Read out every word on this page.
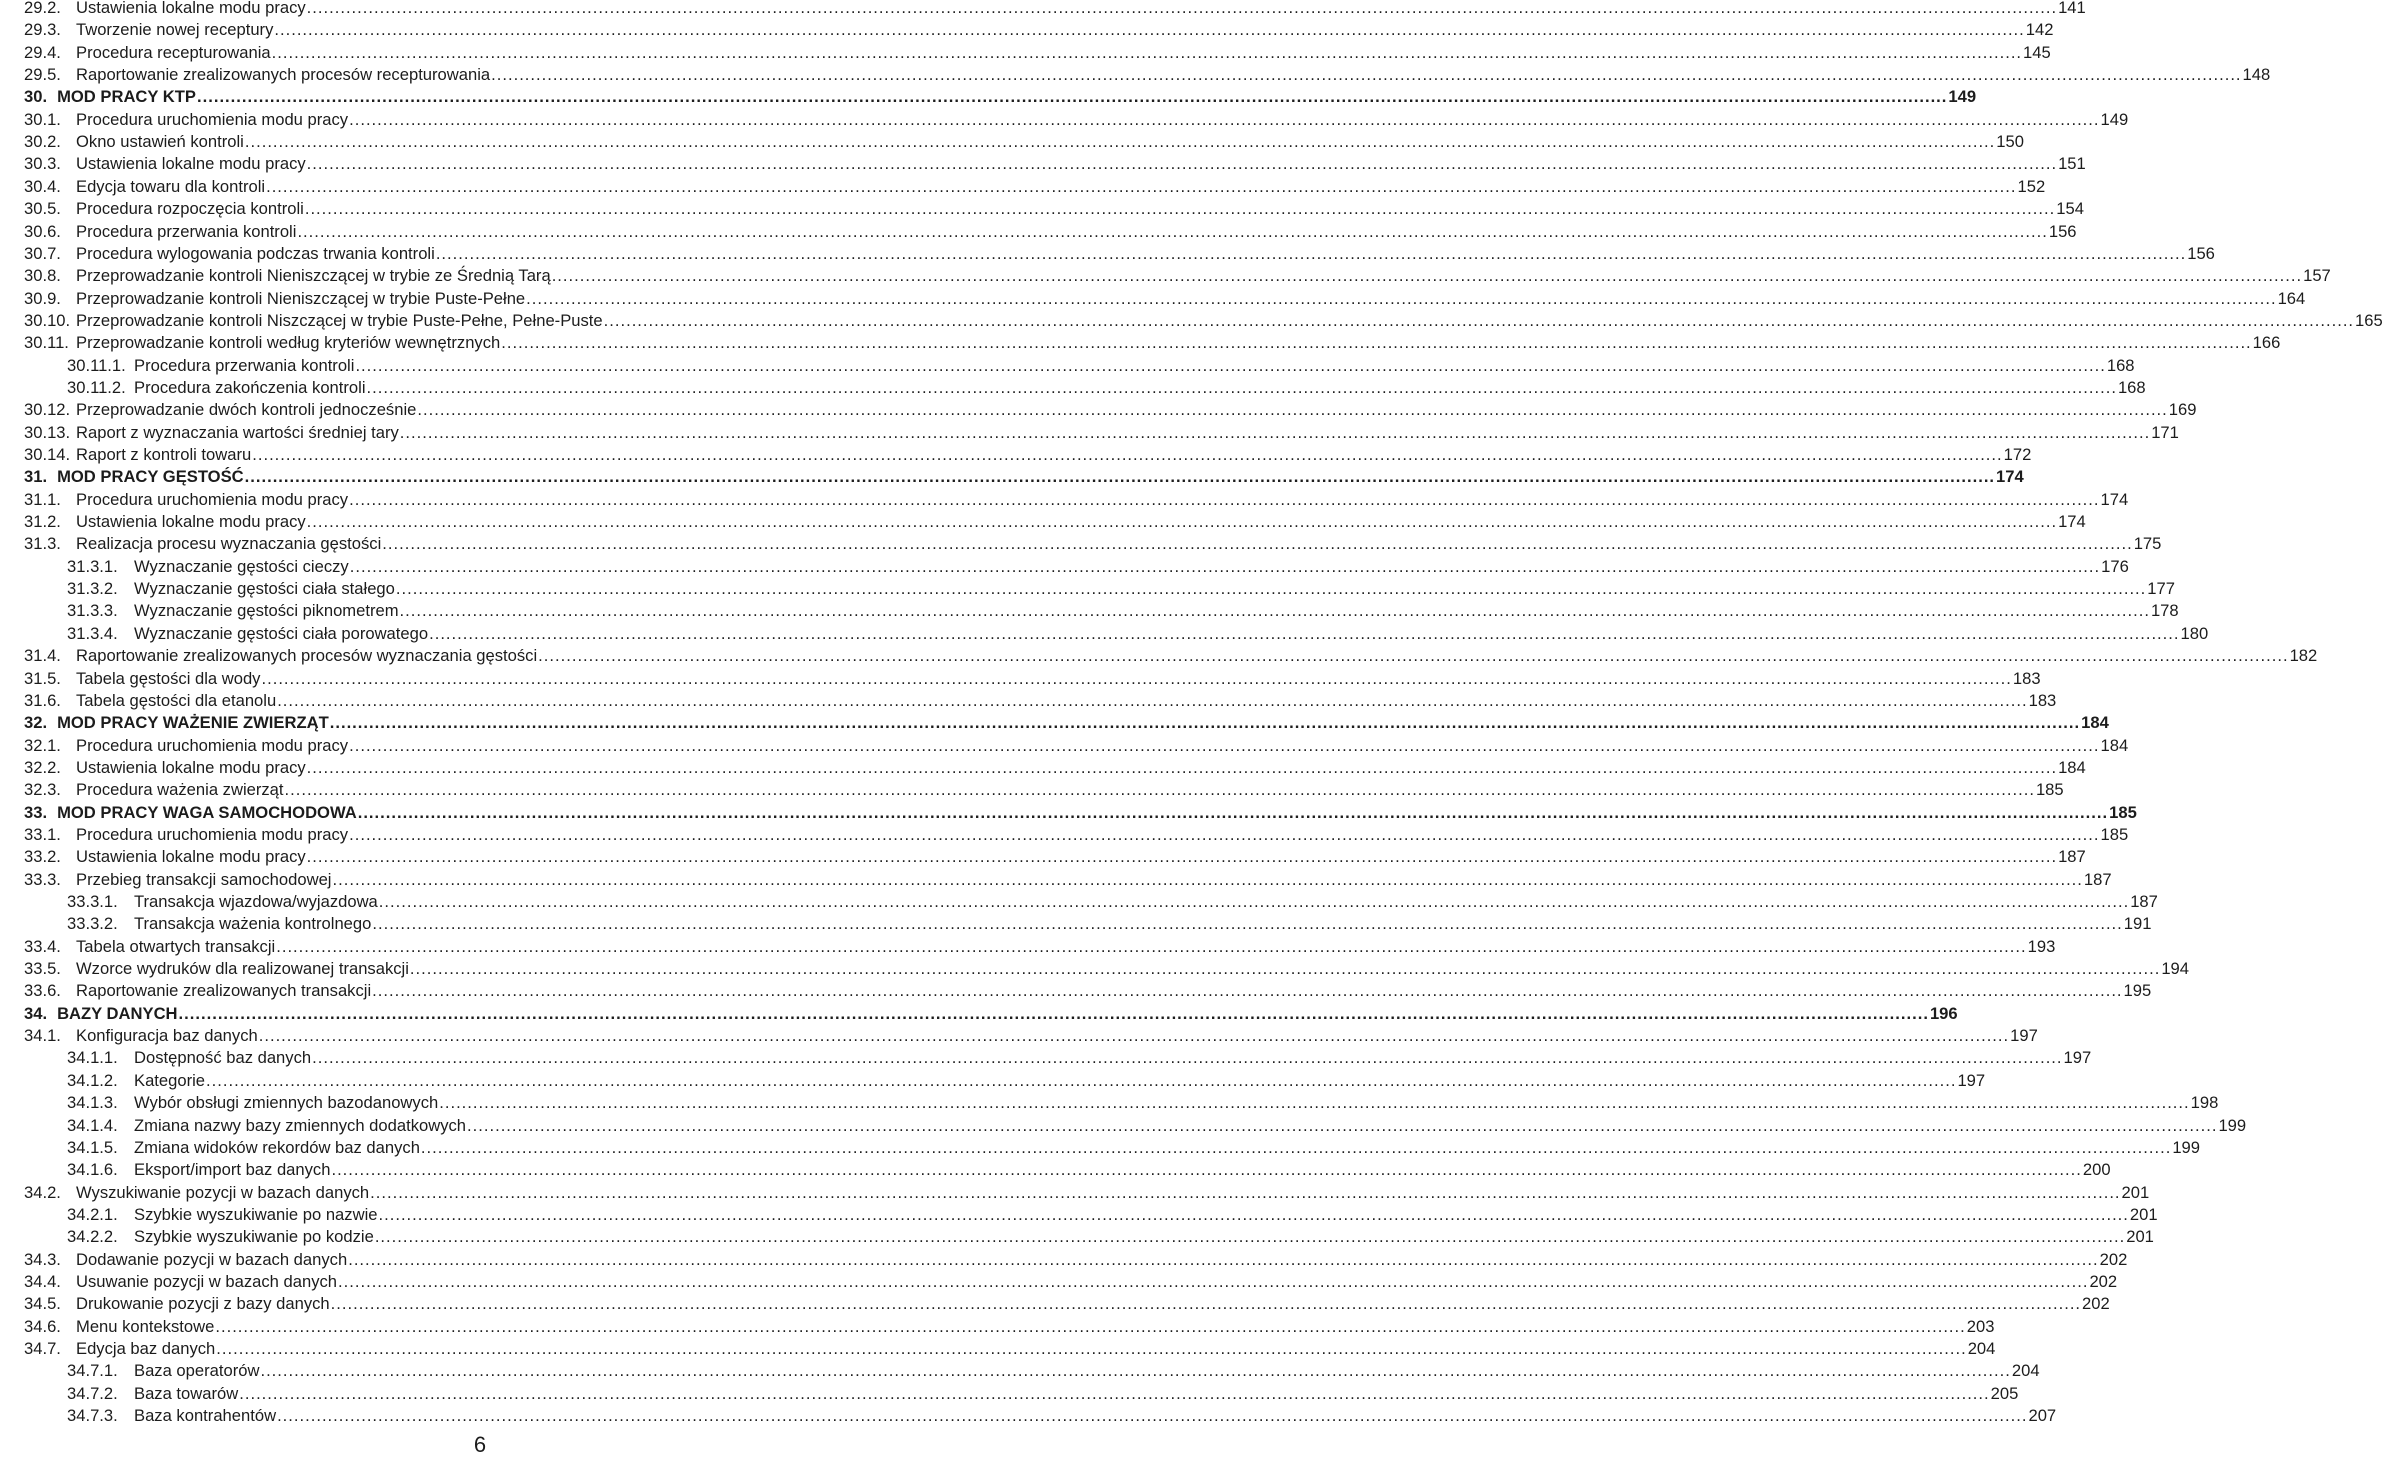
29.2. Ustawienia lokalne modu pracy .....	141
29.3. Tworzenie nowej receptury .....	142
29.4. Procedura recepturowania .....	145
29.5. Raportowanie zrealizowanych procesów recepturowania .....	148
30. MOD PRACY KTP .....	149
30.1. Procedura uruchomienia modu pracy .....	149
30.2. Okno ustawień kontroli .....	150
30.3. Ustawienia lokalne modu pracy .....	151
30.4. Edycja towaru dla kontroli .....	152
30.5. Procedura rozpoczęcia kontroli .....	154
30.6. Procedura przerwania kontroli .....	156
30.7. Procedura wylogowania podczas trwania kontroli .....	156
30.8. Przeprowadzanie kontroli Nieniszczącej w trybie ze Średnią Tarą .....	157
30.9. Przeprowadzanie kontroli Nieniszczącej w trybie Puste-Pełne .....	164
30.10. Przeprowadzanie kontroli Niszczącej w trybie Puste-Pełne, Pełne-Puste .....	165
30.11. Przeprowadzanie kontroli według kryteriów wewnętrznych .....	166
30.11.1. Procedura przerwania kontroli .....	168
30.11.2. Procedura zakończenia kontroli .....	168
30.12. Przeprowadzanie dwóch kontroli jednocześnie .....	169
30.13. Raport z wyznaczania wartości średniej tary .....	171
30.14. Raport z kontroli towaru .....	172
31. MOD PRACY GĘSTOŚĆ .....	174
31.1. Procedura uruchomienia modu pracy .....	174
31.2. Ustawienia lokalne modu pracy .....	174
31.3. Realizacja procesu wyznaczania gęstości .....	175
31.3.1. Wyznaczanie gęstości cieczy .....	176
31.3.2. Wyznaczanie gęstości ciała stałego .....	177
31.3.3. Wyznaczanie gęstości piknometrem .....	178
31.3.4. Wyznaczanie gęstości ciała porowatego .....	180
31.4. Raportowanie zrealizowanych procesów wyznaczania gęstości .....	182
31.5. Tabela gęstości dla wody .....	183
31.6. Tabela gęstości dla etanolu .....	183
32. MOD PRACY WAŻENIE ZWIERZĄT .....	184
32.1. Procedura uruchomienia modu pracy .....	184
32.2. Ustawienia lokalne modu pracy .....	184
32.3. Procedura ważenia zwierząt .....	185
33. MOD PRACY WAGA SAMOCHODOWA .....	185
33.1. Procedura uruchomienia modu pracy .....	185
33.2. Ustawienia lokalne modu pracy .....	187
33.3. Przebieg transakcji samochodowej .....	187
33.3.1. Transakcja wjazdowa/wyjazdowa .....	187
33.3.2. Transakcja ważenia kontrolnego .....	191
33.4. Tabela otwartych transakcji .....	193
33.5. Wzorce wydruków dla realizowanej transakcji .....	194
33.6. Raportowanie zrealizowanych transakcji .....	195
34. BAZY DANYCH .....	196
34.1. Konfiguracja baz danych .....	197
34.1.1. Dostępność baz danych .....	197
34.1.2. Kategorie .....	197
34.1.3. Wybór obsługi zmiennych bazodanowych .....	198
34.1.4. Zmiana nazwy bazy zmiennych dodatkowych .....	199
34.1.5. Zmiana widoków rekordów baz danych .....	199
34.1.6. Eksport/import baz danych .....	200
34.2. Wyszukiwanie pozycji w bazach danych .....	201
34.2.1. Szybkie wyszukiwanie po nazwie .....	201
34.2.2. Szybkie wyszukiwanie po kodzie .....	201
34.3. Dodawanie pozycji w bazach danych .....	202
34.4. Usuwanie pozycji w bazach danych .....	202
34.5. Drukowanie pozycji z bazy danych .....	202
34.6. Menu kontekstowe .....	203
34.7. Edycja baz danych .....	204
34.7.1. Baza operatorów .....	204
34.7.2. Baza towarów .....	205
34.7.3. Baza kontrahentów .....	207
6
